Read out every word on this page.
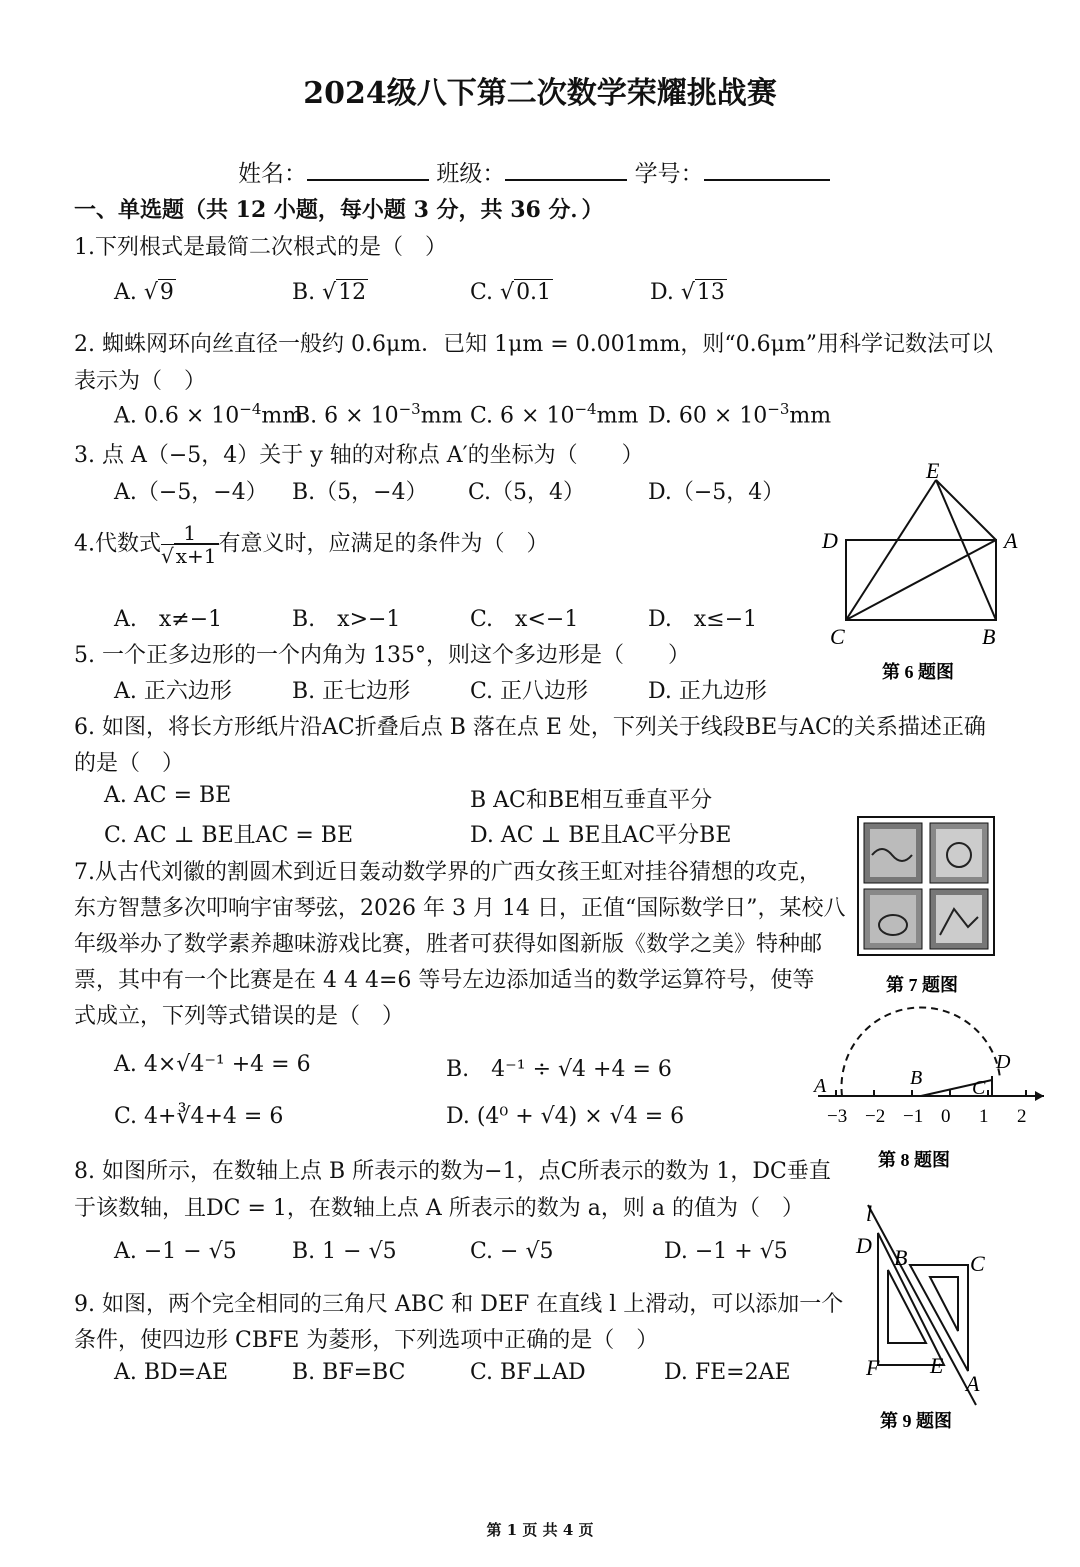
2024级八下第二次数学荣耀挑战赛
姓名：	班级：	学号：
一、单选题（共 12 小题，每小题 3 分，共 36 分．）
1.下列根式是最简二次根式的是（　）
A. √9	B. √12	C. √0.1	D. √13
2. 蜘蛛网环向丝直径一般约 0.6μm．已知 1μm = 0.001mm，则“0.6μm”用科学记数法可以
表示为（　）
A. $0.6 \times 10^{-4}mm$
B. $6 \times 10^{-3}mm$ C. $6 \times 10^{-4}mm$ D. $60 \times 10^{-3}mm$
3. 点 A（−5，4）关于 y 轴的对称点 A′的坐标为（　　）
A.（−5，−4） B.（5，−4） C.（5，4）	D.（−5，4）
4.代数式 $\frac{1}{√ x+1}$有意义时，应满足的条件为（　）
A.　x≠−1	B.　x>−1	C.　x<−1	D.　x≤−1
5. 一个正多边形的一个内角为 135°，则这个多边形是（　　）
A. 正六边形	B. 正七边形	C. 正八边形	D. 正九边形
6. 如图，将长方形纸片沿AC折叠后点 B 落在点 E 处，下列关于线段BE与AC的关系描述正确
的是（　）
A. AC = BE	B AC和BE相互垂直平分
C. AC ⊥ BE且AC = BE	D. AC ⊥ BE且AC平分BE
7.从古代刘徽的割圆术到近日轰动数学界的广西女孩王虹对挂谷猜想的攻克，
东方智慧多次叩响宇宙琴弦，2026 年 3 月 14 日，正值“国际数学日”，某校八
年级举办了数学素养趣味游戏比赛，胜者可获得如图新版《数学之美》特种邮
票，其中有一个比赛是在 4 4 4=6 等号左边添加适当的数学运算符号，使等
式成立，下列等式错误的是（　）
A. 4×√4⁻¹ +4 = 6	B.　4⁻¹ ÷ √4 +4 = 6
C. 4+∛4+4 = 6	D. (4⁰ + √4) × √4 = 6
8. 如图所示，在数轴上点 B 所表示的数为−1，点C所表示的数为 1，DC垂直
于该数轴，且DC = 1，在数轴上点 A 所表示的数为 a，则 a 的值为（　）
A. −1 − √5	B. 1 − √5	C. − √5	D. −1 + √5
9. 如图，两个完全相同的三角尺 ABC 和 DEF 在直线 l 上滑动，可以添加一个
条件，使四边形 CBFE 为菱形，下列选项中正确的是（　）
A. BD=AE	B. BF=BC	C. BF⊥AD	D. FE=2AE
E
D	A
C	B
第 6 题图
第 7 题图
−3 −2 −1 0 1 2
A	B C
D
第 8 题图
l
D B	C
F E
A
第 9 题图
第 1 页 共 4 页
